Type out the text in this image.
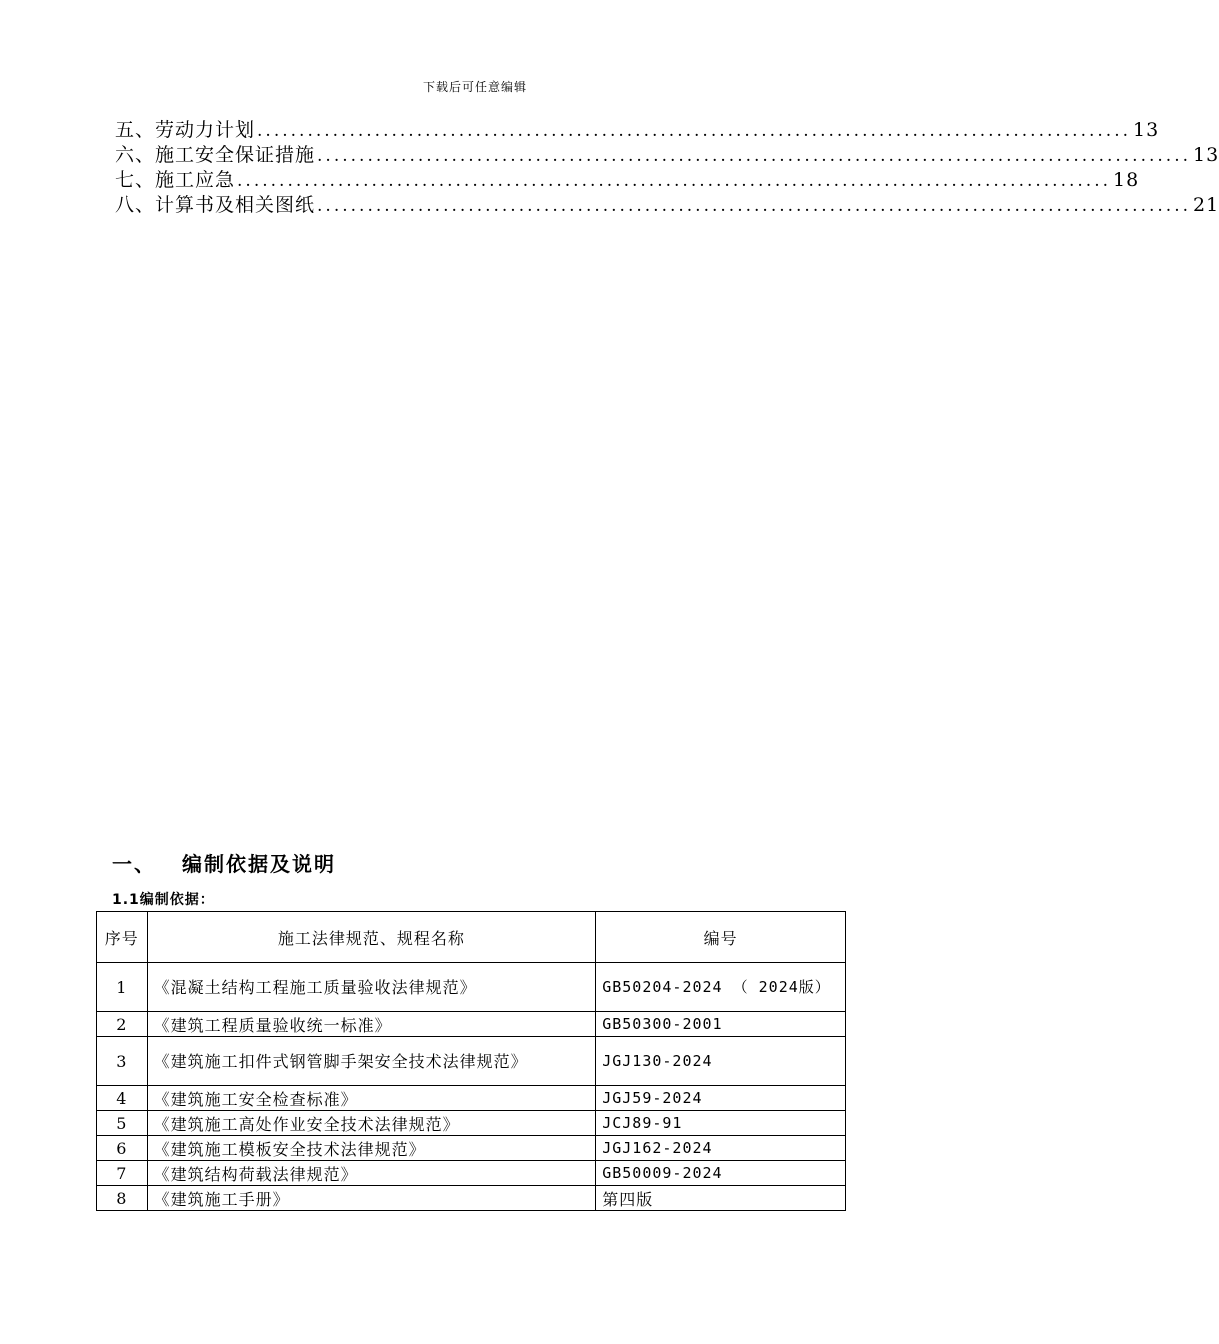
下载后可任意编辑
五、劳动力计划 ........................................................................................................ 13
六、施工安全保证措施 ........................................................................................................ 13
七、施工应急 ........................................................................................................ 18
八、计算书及相关图纸 ........................................................................................................ 21
一、 编制依据及说明
1.1编制依据：
序号	施工法律规范、规程名称	编号
1	《混凝土结构工程施工质量验收法律规范》	GB50204-2024 （ 2024版）

2	《建筑工程质量验收统一标准》	GB50300-2001
3	《建筑施工扣件式钢管脚手架安全技术法律规范》	JGJ130-2024
4	《建筑施工安全检查标准》	JGJ59-2024
5	《建筑施工高处作业安全技术法律规范》	JCJ89-91
6	《建筑施工模板安全技术法律规范》	JGJ162-2024
7	《建筑结构荷载法律规范》	GB50009-2024
8	《建筑施工手册》	第四版
